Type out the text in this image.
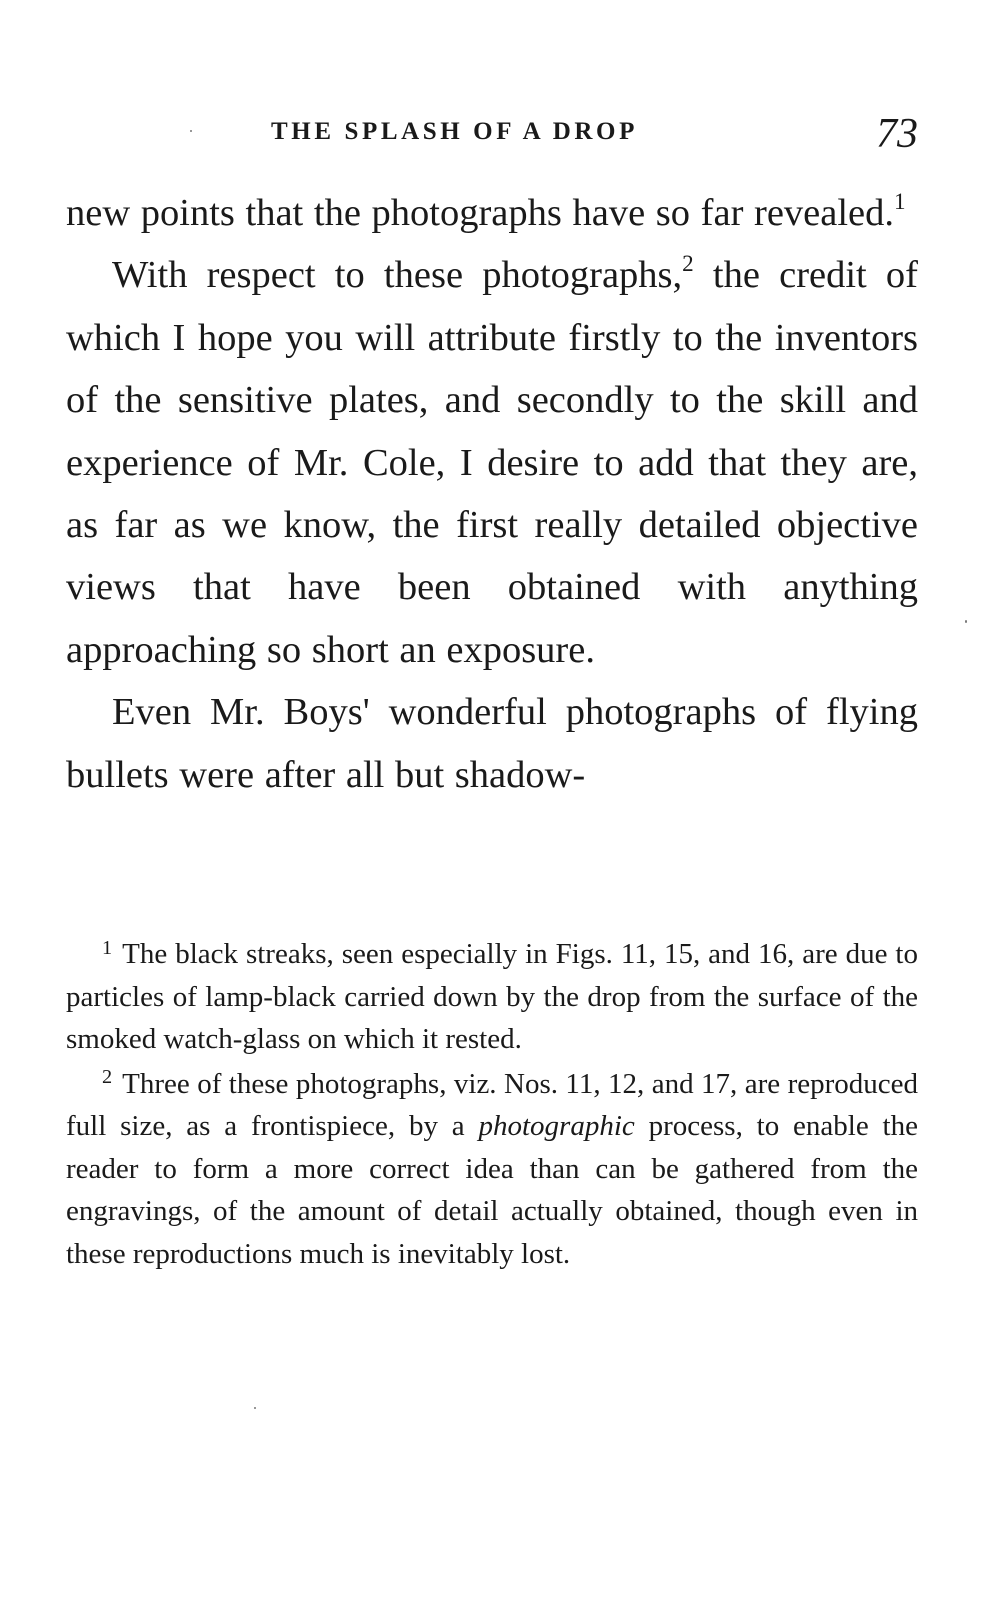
THE SPLASH OF A DROP	73

new points that the photographs have so far revealed.$^1$

With respect to these photographs,$^2$ the credit of which I hope you will attribute firstly to the inventors of the sensitive plates, and secondly to the skill and experience of Mr. Cole, I desire to add that they are, as far as we know, the first really detailed objective views that have been obtained with anything approaching so short an exposure.

Even Mr. Boys' wonderful photographs of flying bullets were after all but shadow-

$^1$ The black streaks, seen especially in Figs. 11, 15, and 16, are due to particles of lamp-black carried down by the drop from the surface of the smoked watch-glass on which it rested.

$^2$ Three of these photographs, viz. Nos. 11, 12, and 17, are reproduced full size, as a frontispiece, by a photographic process, to enable the reader to form a more correct idea than can be gathered from the engravings, of the amount of detail actually obtained, though even in these reproductions much is inevitably lost.
